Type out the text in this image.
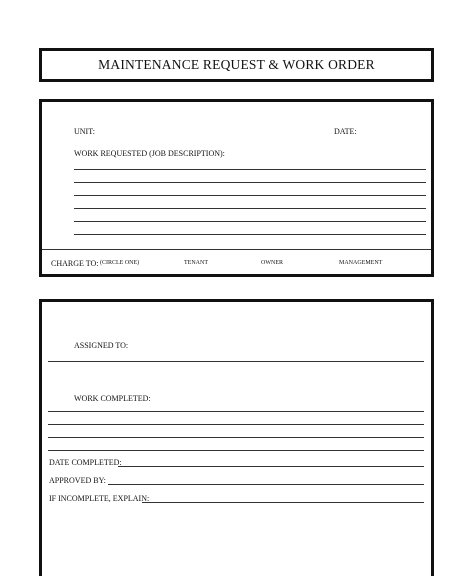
MAINTENANCE REQUEST & WORK ORDER
UNIT:	DATE:
WORK REQUESTED (JOB DESCRIPTION):
CHARGE TO: (CIRCLE ONE)	TENANT	OWNER	MANAGEMENT
ASSIGNED TO:
WORK COMPLETED:
DATE COMPLETED:
APPROVED BY:
IF INCOMPLETE, EXPLAIN:
